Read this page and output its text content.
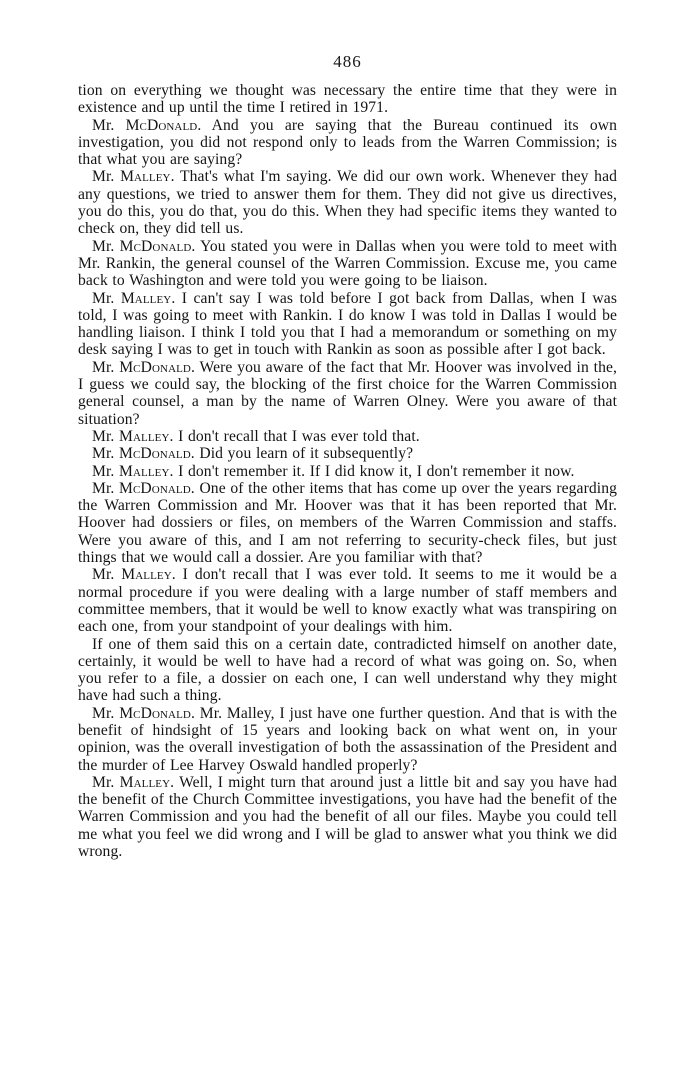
486

tion on everything we thought was necessary the entire time that they were in existence and up until the time I retired in 1971.

Mr. McDonald. And you are saying that the Bureau continued its own investigation, you did not respond only to leads from the Warren Commission; is that what you are saying?

Mr. Malley. That's what I'm saying. We did our own work. Whenever they had any questions, we tried to answer them for them. They did not give us directives, you do this, you do that, you do this. When they had specific items they wanted to check on, they did tell us.

Mr. McDonald. You stated you were in Dallas when you were told to meet with Mr. Rankin, the general counsel of the Warren Commission. Excuse me, you came back to Washington and were told you were going to be liaison.

Mr. Malley. I can't say I was told before I got back from Dallas, when I was told, I was going to meet with Rankin. I do know I was told in Dallas I would be handling liaison. I think I told you that I had a memorandum or something on my desk saying I was to get in touch with Rankin as soon as possible after I got back.

Mr. McDonald. Were you aware of the fact that Mr. Hoover was involved in the, I guess we could say, the blocking of the first choice for the Warren Commission general counsel, a man by the name of Warren Olney. Were you aware of that situation?

Mr. Malley. I don't recall that I was ever told that.

Mr. McDonald. Did you learn of it subsequently?

Mr. Malley. I don't remember it. If I did know it, I don't remember it now.

Mr. McDonald. One of the other items that has come up over the years regarding the Warren Commission and Mr. Hoover was that it has been reported that Mr. Hoover had dossiers or files, on members of the Warren Commission and staffs. Were you aware of this, and I am not referring to security-check files, but just things that we would call a dossier. Are you familiar with that?

Mr. Malley. I don't recall that I was ever told. It seems to me it would be a normal procedure if you were dealing with a large number of staff members and committee members, that it would be well to know exactly what was transpiring on each one, from your standpoint of your dealings with him.

If one of them said this on a certain date, contradicted himself on another date, certainly, it would be well to have had a record of what was going on. So, when you refer to a file, a dossier on each one, I can well understand why they might have had such a thing.

Mr. McDonald. Mr. Malley, I just have one further question. And that is with the benefit of hindsight of 15 years and looking back on what went on, in your opinion, was the overall investigation of both the assassination of the President and the murder of Lee Harvey Oswald handled properly?

Mr. Malley. Well, I might turn that around just a little bit and say you have had the benefit of the Church Committee investigations, you have had the benefit of the Warren Commission and you had the benefit of all our files. Maybe you could tell me what you feel we did wrong and I will be glad to answer what you think we did wrong.
